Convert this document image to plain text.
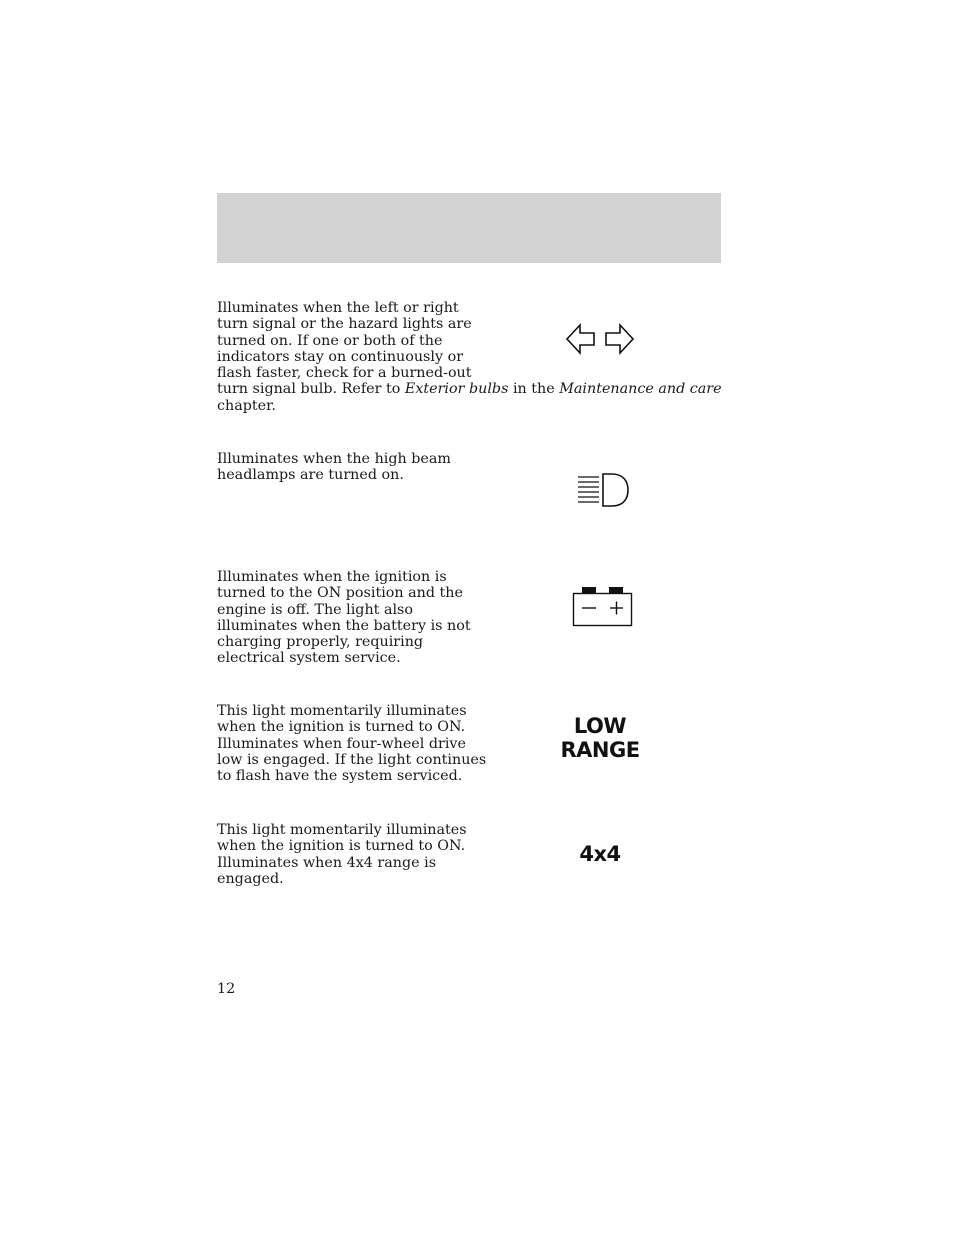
Illuminates when the left or right
turn signal or the hazard lights are
turned on. If one or both of the
indicators stay on continuously or
flash faster, check for a burned-out
turn signal bulb. Refer to Exterior bulbs in the Maintenance and care
chapter.
Illuminates when the high beam
headlamps are turned on.
Illuminates when the ignition is
turned to the ON position and the
engine is off. The light also
illuminates when the battery is not
charging properly, requiring
electrical system service.
This light momentarily illuminates
when the ignition is turned to ON.
Illuminates when four-wheel drive
low is engaged. If the light continues
to flash have the system serviced.
LOW
RANGE
This light momentarily illuminates
when the ignition is turned to ON.
Illuminates when 4x4 range is
engaged.
4x4
12
